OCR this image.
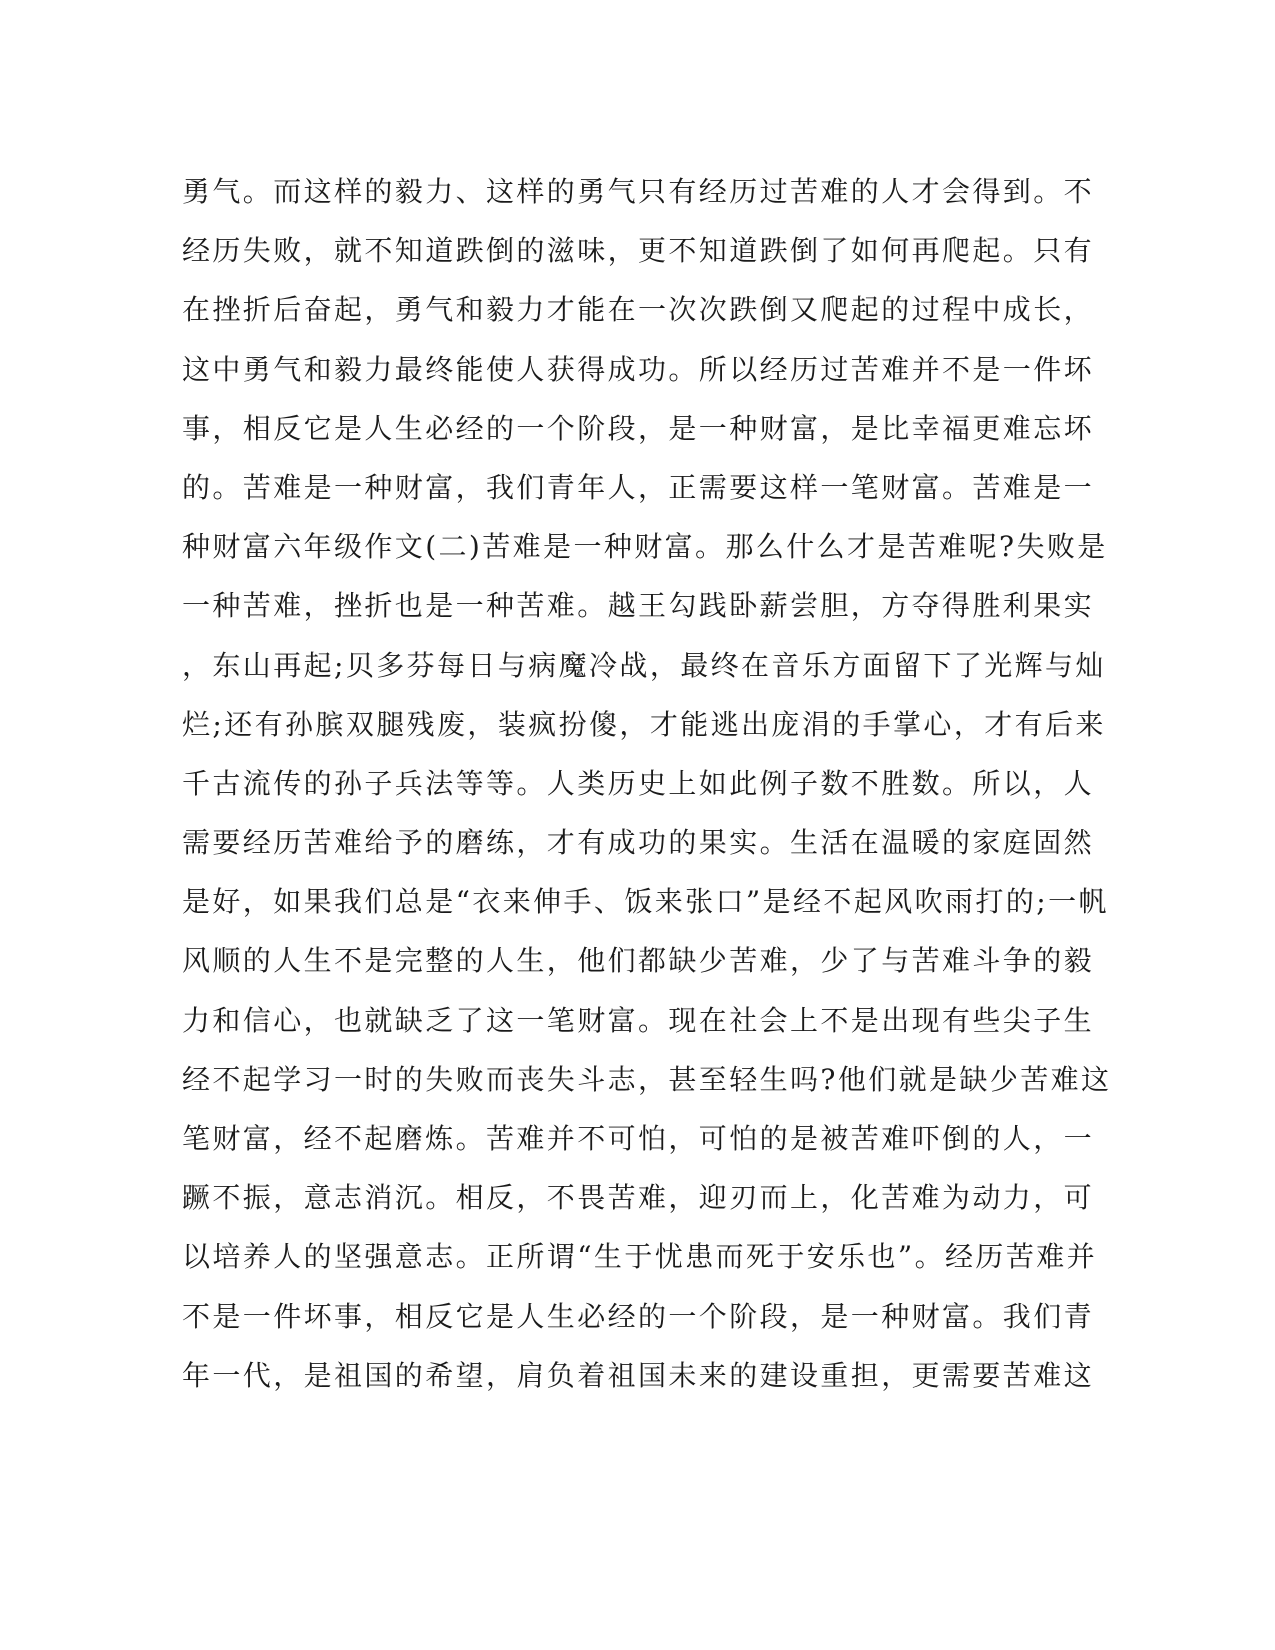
勇气。而这样的毅力、这样的勇气只有经历过苦难的人才会得到。不
经历失败，就不知道跌倒的滋味，更不知道跌倒了如何再爬起。只有
在挫折后奋起，勇气和毅力才能在一次次跌倒又爬起的过程中成长，
这中勇气和毅力最终能使人获得成功。所以经历过苦难并不是一件坏
事，相反它是人生必经的一个阶段，是一种财富，是比幸福更难忘坏
的。苦难是一种财富，我们青年人，正需要这样一笔财富。苦难是一
种财富六年级作文(二)苦难是一种财富。那么什么才是苦难呢?失败是
一种苦难，挫折也是一种苦难。越王勾践卧薪尝胆，方夺得胜利果实
，东山再起;贝多芬每日与病魔冷战，最终在音乐方面留下了光辉与灿
烂;还有孙膑双腿残废，装疯扮傻，才能逃出庞涓的手掌心，才有后来
千古流传的孙子兵法等等。人类历史上如此例子数不胜数。所以，人
需要经历苦难给予的磨练，才有成功的果实。生活在温暖的家庭固然
是好，如果我们总是“衣来伸手、饭来张口”是经不起风吹雨打的;一帆
风顺的人生不是完整的人生，他们都缺少苦难，少了与苦难斗争的毅
力和信心，也就缺乏了这一笔财富。现在社会上不是出现有些尖子生
经不起学习一时的失败而丧失斗志，甚至轻生吗?他们就是缺少苦难这
笔财富，经不起磨炼。苦难并不可怕，可怕的是被苦难吓倒的人，一
蹶不振，意志消沉。相反，不畏苦难，迎刃而上，化苦难为动力，可
以培养人的坚强意志。正所谓“生于忧患而死于安乐也”。经历苦难并
不是一件坏事，相反它是人生必经的一个阶段，是一种财富。我们青
年一代，是祖国的希望，肩负着祖国未来的建设重担，更需要苦难这
